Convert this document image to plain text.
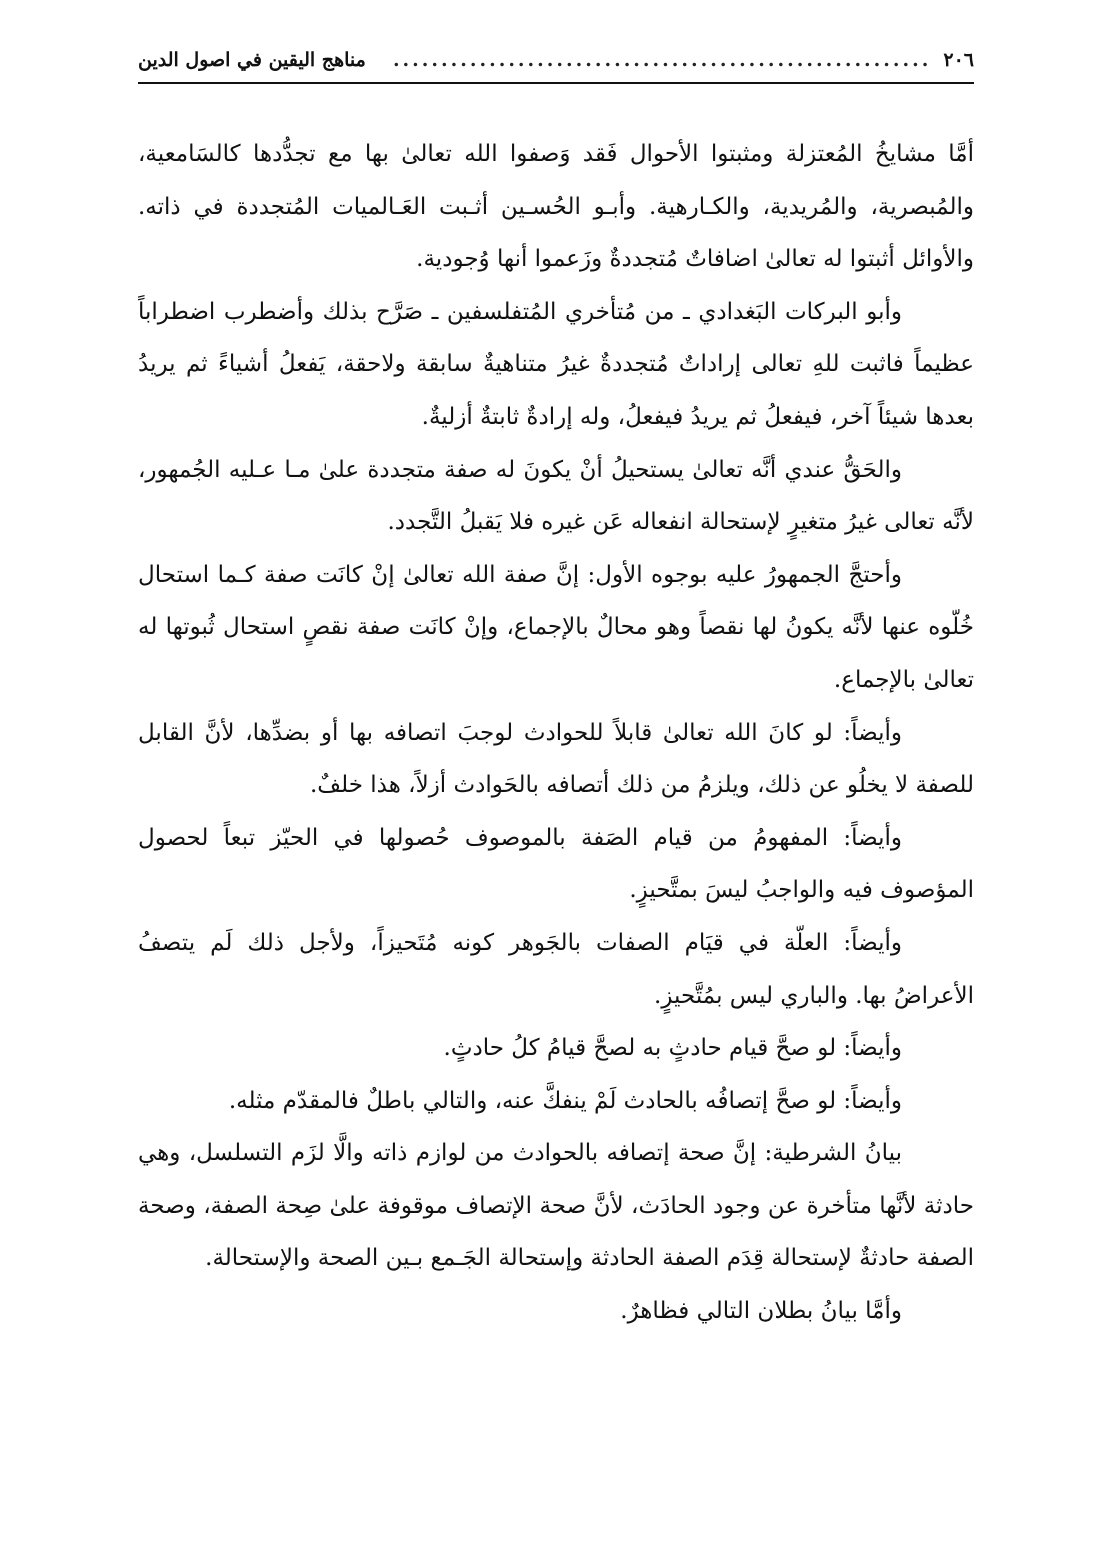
٢٠٦
........................................................
مناهج اليقين في اصول الدين

أمَّا مشايخُ المُعتزلة ومثبتوا الأحوال فَقد وَصفوا الله تعالىٰ بها مع تجدُّدها كالسَامعية، والمُبصرية، والمُريدية، والكـارهية. وأبـو الحُسـين أثـبت العَـالميات المُتجددة في ذاته. والأوائل أثبتوا له تعالىٰ اضافاتٌ مُتجددةٌ وزَعموا أنها وُجودية.

وأبو البركات البَغدادي ـ من مُتأخري المُتفلسفين ـ صَرَّح بذلك وأضطرب اضطراباً عظيماً فاثبت للهِ تعالى إراداتٌ مُتجددةٌ غيرُ متناهيةٌ سابقة ولاحقة، يَفعلُ أشياءً ثم يريدُ بعدها شيئاً آخر، فيفعلُ ثم يريدُ فيفعلُ، وله إرادةٌ ثابتةٌ أزليةٌ.

والحَقُّ عندي أنَّه تعالىٰ يستحيلُ أنْ يكونَ له صفة متجددة علىٰ مـا عـليه الجُمهور، لأنَّه تعالى غيرُ متغيرٍ لإستحالة انفعاله عَن غيره فلا يَقبلُ التَّجدد.

وأحتجَّ الجمهورُ عليه بوجوه الأول: إنَّ صفة الله تعالىٰ إنْ كانَت صفة كـما استحال خُلّوه عنها لأنَّه يكونُ لها نقصاً وهو محالٌ بالإجماع، وإنْ كانَت صفة نقصٍ استحال ثُبوتها له تعالىٰ بالإجماع.

وأيضاً: لو كانَ الله تعالىٰ قابلاً للحوادث لوجبَ اتصافه بها أو بضدِّها، لأنَّ القابل للصفة لا يخلُو عن ذلك، ويلزمُ من ذلك أتصافه بالحَوادث أزلاً، هذا خلفٌ.

وأيضاً: المفهومُ من قيام الصَفة بالموصوف حُصولها في الحيّز تبعاً لحصول المؤصوف فيه والواجبُ ليسَ بمتَّحيزٍ.

وأيضاً: العلّة في قيَام الصفات بالجَوهر كونه مُتَحيزاً، ولأجل ذلك لَم يتصفُ الأعراضُ بها. والباري ليس بمُتَّحيزٍ.

وأيضاً: لو صحَّ قيام حادثٍ به لصحَّ قيامُ كلُ حادثٍ.

وأيضاً: لو صحَّ إتصافُه بالحادث لَمْ ينفكَّ عنه، والتالي باطلٌ فالمقدّم مثله.

بيانُ الشرطية: إنَّ صحة إتصافه بالحوادث من لوازم ذاته والَّا لزَم التسلسل، وهي حادثة لأنَّها متأخرة عن وجود الحادَث، لأنَّ صحة الإتصاف موقوفة علىٰ صِحة الصفة، وصحة الصفة حادثةٌ لإستحالة قِدَم الصفة الحادثة وإستحالة الجَـمع بـين الصحة والإستحالة.

وأمَّا بيانُ بطلان التالي فظاهرٌ.
